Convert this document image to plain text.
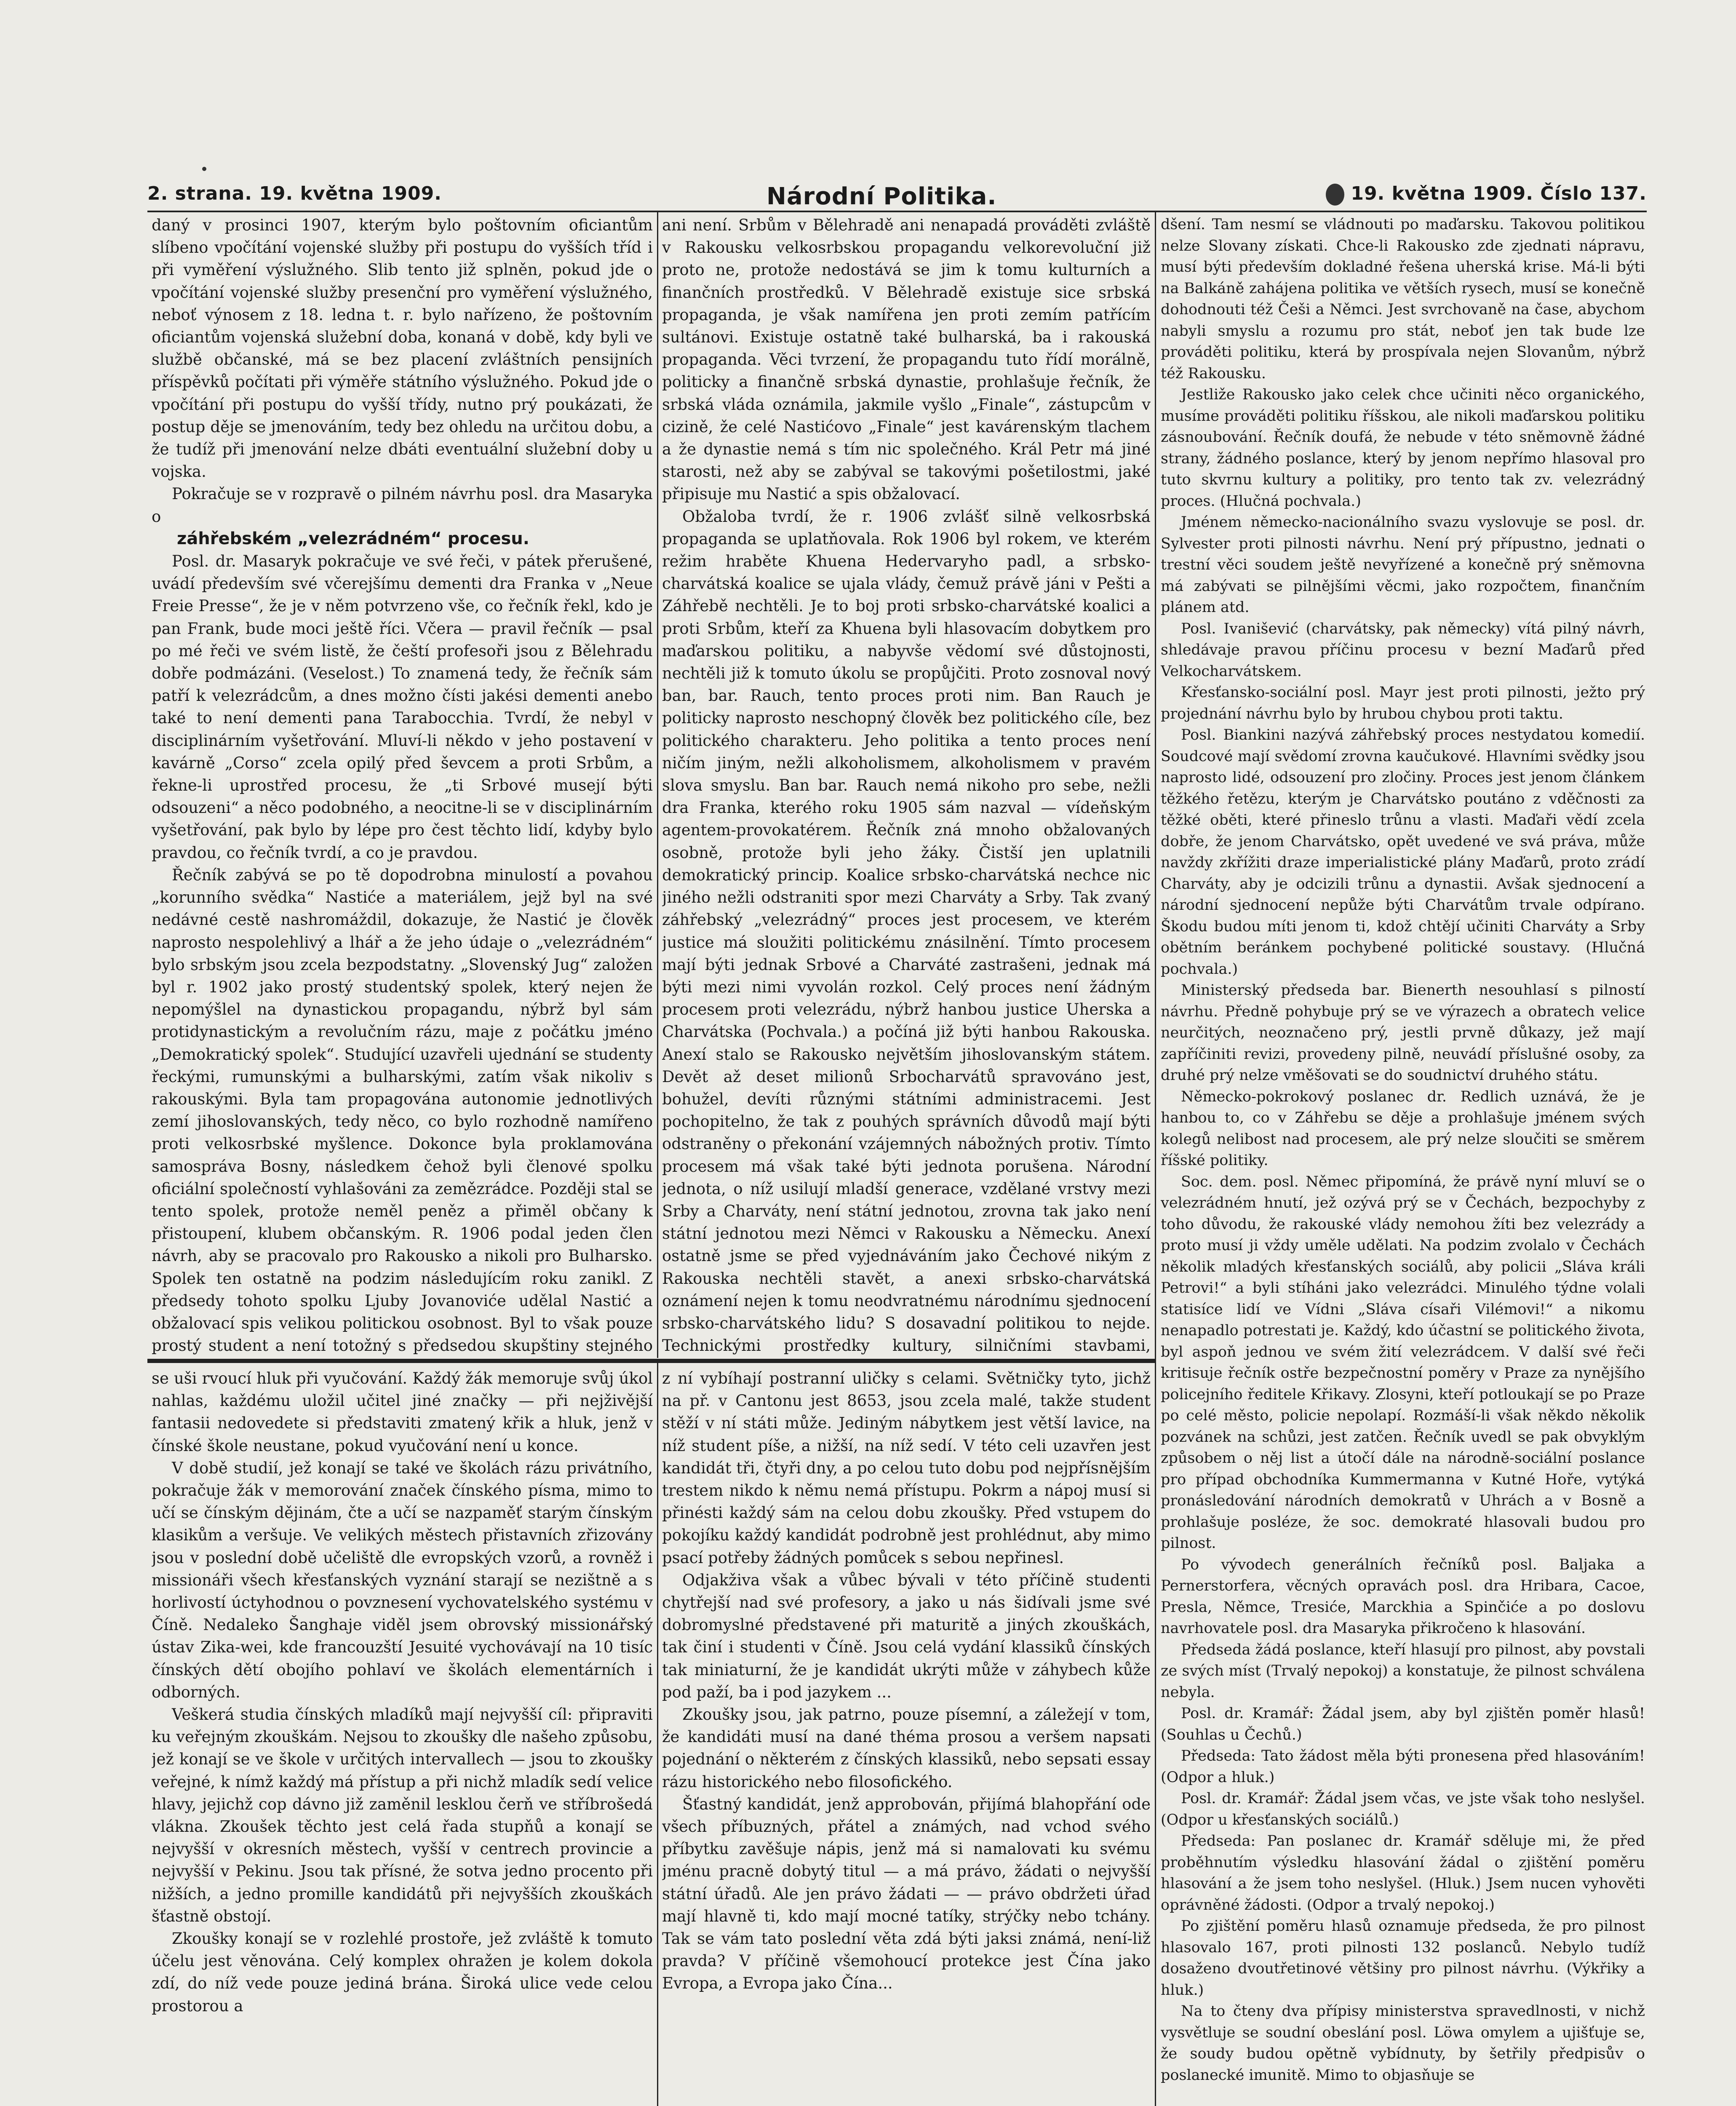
2. strana. 19. května 1909.	Národní Politika.	19. května 1909. Číslo 137.

daný v prosinci 1907, kterým bylo poštovním oficiantům slíbeno vpočítání vojenské služby při postupu do vyšších tříd i při vyměření výslužného. Slib tento již splněn, pokud jde o vpočítání vojenské služby presenční pro vyměření výslužného, neboť výnosem z 18. ledna t. r. bylo nařízeno, že poštovním oficiantům vojenská služební doba, konaná v době, kdy byli ve službě občanské, má se bez placení zvláštních pensijních příspěvků počítati při výměře státního výslužného. Pokud jde o vpočítání při postupu do vyšší třídy, nutno prý poukázati, že postup děje se jmenováním, tedy bez ohledu na určitou dobu, a že tudíž při jmenování nelze dbáti eventuální služební doby u vojska.

Pokračuje se v rozpravě o pilném návrhu posl. dra Masaryka o

záhřebském „velezrádném“ procesu.

Posl. dr. Masaryk pokračuje ve své řeči, v pátek přerušené, uvádí především své včerejšímu dementi dra Franka v „Neue Freie Presse“, že je v něm potvrzeno vše, co řečník řekl, kdo je pan Frank, bude moci ještě říci. Včera — pravil řečník — psal po mé řeči ve svém listě, že čeští profesoři jsou z Bělehradu dobře podmázáni. (Veselost.) To znamená tedy, že řečník sám patří k velezrádcům, a dnes možno čísti jakési dementi anebo také to není dementi pana Tarabocchia. Tvrdí, že nebyl v disciplinárním vyšetřování. Mluví-li někdo v jeho postavení v kavárně „Corso“ zcela opilý před ševcem a proti Srbům, a řekne-li uprostřed procesu, že „ti Srbové musejí býti odsouzeni“ a něco podobného, a neocitne-li se v disciplinárním vyšetřování, pak bylo by lépe pro čest těchto lidí, kdyby bylo pravdou, co řečník tvrdí, a co je pravdou.

Řečník zabývá se po tě dopodrobna minulostí a povahou „korunního svědka“ Nastiće a materiálem, jejž byl na své nedávné cestě nashromáždil, dokazuje, že Nastić je člověk naprosto nespolehlivý a lhář a že jeho údaje o „velezrádném“ bylo srbským jsou zcela bezpodstatny. „Slovenský Jug“ založen byl r. 1902 jako prostý studentský spolek, který nejen že nepomýšlel na dynastickou propagandu, nýbrž byl sám protidynastickým a revolučním rázu, maje z počátku jméno „Demokratický spolek“. Studující uzavřeli ujednání se studenty řeckými, rumunskými a bulharskými, zatím však nikoliv s rakouskými. Byla tam propagována autonomie jednotlivých zemí jihoslovanských, tedy něco, co bylo rozhodně namířeno proti velkosrbské myšlence. Dokonce byla proklamována samospráva Bosny, následkem čehož byli členové spolku oficiální společností vyhlašováni za zemězrádce. Později stal se tento spolek, protože neměl peněz a přiměl občany k přistoupení, klubem občanským. R. 1906 podal jeden člen návrh, aby se pracovalo pro Rakousko a nikoli pro Bulharsko. Spolek ten ostatně na podzim následujícím roku zanikl. Z předsedy tohoto spolku Ljuby Jovanoviće udělal Nastić a obžalovací spis velikou politickou osobnost. Byl to však pouze prostý student a není totožný s předsedou skupštiny stejného

ani není. Srbům v Bělehradě ani nenapadá prováděti zvláště v Rakousku velkosrbskou propagandu velkorevoluční již proto ne, protože nedostává se jim k tomu kulturních a finančních prostředků. V Bělehradě existuje sice srbská propaganda, je však namířena jen proti zemím patřícím sultánovi. Existuje ostatně také bulharská, ba i rakouská propaganda. Věci tvrzení, že propagandu tuto řídí morálně, politicky a finančně srbská dynastie, prohlašuje řečník, že srbská vláda oznámila, jakmile vyšlo „Finale“, zástupcům v cizině, že celé Nastićovo „Finale“ jest kavárenským tlachem a že dynastie nemá s tím nic společného. Král Petr má jiné starosti, než aby se zabýval se takovými pošetilostmi, jaké připisuje mu Nastić a spis obžalovací.

Obžaloba tvrdí, že r. 1906 zvlášť silně velkosrbská propaganda se uplatňovala. Rok 1906 byl rokem, ve kterém režim hraběte Khuena Hedervaryho padl, a srbsko-charvátská koalice se ujala vlády, čemuž právě jáni v Pešti a Záhřebě nechtěli. Je to boj proti srbsko-charvátské koalici a proti Srbům, kteří za Khuena byli hlasovacím dobytkem pro maďarskou politiku, a nabyvše vědomí své důstojnosti, nechtěli již k tomuto úkolu se propůjčiti. Proto zosnoval nový ban, bar. Rauch, tento proces proti nim. Ban Rauch je politicky naprosto neschopný člověk bez politického cíle, bez politického charakteru. Jeho politika a tento proces není ničím jiným, nežli alkoholismem, alkoholismem v pravém slova smyslu. Ban bar. Rauch nemá nikoho pro sebe, nežli dra Franka, kterého roku 1905 sám nazval — vídeňským agentem-provokatérem. Řečník zná mnoho obžalovaných osobně, protože byli jeho žáky. Čistší jen uplatnili demokratický princip. Koalice srbsko-charvátská nechce nic jiného nežli odstraniti spor mezi Charváty a Srby. Tak zvaný záhřebský „velezrádný“ proces jest procesem, ve kterém justice má sloužiti politickému znásilnění. Tímto procesem mají býti jednak Srbové a Charváté zastrašeni, jednak má býti mezi nimi vyvolán rozkol. Celý proces není žádným procesem proti velezrádu, nýbrž hanbou justice Uherska a Charvátska (Pochvala.) a počíná již býti hanbou Rakouska. Anexí stalo se Rakousko největším jihoslovanským státem. Devět až deset milionů Srbocharvátů spravováno jest, bohužel, devíti různými státními administracemi. Jest pochopitelno, že tak z pouhých správních důvodů mají býti odstraněny o překonání vzájemných nábožných protiv. Tímto procesem má však také býti jednota porušena. Národní jednota, o níž usilují mladší generace, vzdělané vrstvy mezi Srby a Charváty, není státní jednotou, zrovna tak jako není státní jednotou mezi Němci v Rakousku a Německu. Anexí ostatně jsme se před vyjednáváním jako Čechové nikým z Rakouska nechtěli stavět, a anexi srbsko-charvátská oznámení nejen k tomu neodvratnému národnímu sjednocení srbsko-charvátského lidu? S dosavadní politikou to nejde. Technickými prostředky kultury, silničními stavbami,

dšení. Tam nesmí se vládnouti po maďarsku. Takovou politikou nelze Slovany získati. Chce-li Rakousko zde zjednati nápravu, musí býti především dokladné řešena uherská krise. Má-li býti na Balkáně zahájena politika ve větších rysech, musí se konečně dohodnouti též Češi a Němci. Jest svrchovaně na čase, abychom nabyli smyslu a rozumu pro stát, neboť jen tak bude lze prováděti politiku, která by prospívala nejen Slovanům, nýbrž též Rakousku.

Jestliže Rakousko jako celek chce učiniti něco organického, musíme prováděti politiku říšskou, ale nikoli maďarskou politiku zásnoubování. Řečník doufá, že nebude v této sněmovně žádné strany, žádného poslance, který by jenom nepřímo hlasoval pro tuto skvrnu kultury a politiky, pro tento tak zv. velezrádný proces. (Hlučná pochvala.)

Jménem německo-nacionálního svazu vyslovuje se posl. dr. Sylvester proti pilnosti návrhu. Není prý přípustno, jednati o trestní věci soudem ještě nevyřízené a konečně prý sněmovna má zabývati se pilnějšími věcmi, jako rozpočtem, finančním plánem atd.

Posl. Ivanišević (charvátsky, pak německy) vítá pilný návrh, shledávaje pravou příčinu procesu v bezní Maďarů před Velkocharvátskem.

Křesťansko-sociální posl. Mayr jest proti pilnosti, ježto prý projednání návrhu bylo by hrubou chybou proti taktu.

Posl. Biankini nazývá záhřebský proces nestydatou komedií. Soudcové mají svědomí zrovna kaučukové. Hlavními svědky jsou naprosto lidé, odsouzení pro zločiny. Proces jest jenom článkem těžkého řetězu, kterým je Charvátsko poutáno z vděčnosti za těžké oběti, které přineslo trůnu a vlasti. Maďaři vědí zcela dobře, že jenom Charvátsko, opět uvedené ve svá práva, může navždy zkřížiti draze imperialistické plány Maďarů, proto zrádí Charváty, aby je odcizili trůnu a dynastii. Avšak sjednocení a národní sjednocení nepůže býti Charvátům trvale odpírano. Škodu budou míti jenom ti, kdož chtějí učiniti Charváty a Srby obětním beránkem pochybené politické soustavy. (Hlučná pochvala.)

Ministerský předseda bar. Bienerth nesouhlasí s pilností návrhu. Předně pohybuje prý se ve výrazech a obratech velice neurčitých, neoznačeno prý, jestli prvně důkazy, jež mají zapříčiniti revizi, provedeny pilně, neuvádí příslušné osoby, za druhé prý nelze vměšovati se do soudnictví druhého státu.

Německo-pokrokový poslanec dr. Redlich uznává, že je hanbou to, co v Záhřebu se děje a prohlašuje jménem svých kolegů nelibost nad procesem, ale prý nelze sloučiti se směrem říšské politiky.

Soc. dem. posl. Němec připomíná, že právě nyní mluví se o velezrádném hnutí, jež ozývá prý se v Čechách, bezpochyby z toho důvodu, že rakouské vlády nemohou žíti bez velezrády a proto musí ji vždy uměle udělati. Na podzim zvolalo v Čechách několik mladých křesťanských sociálů, aby policii „Sláva králi Petrovi!“ a byli stíháni jako velezrádci. Minulého týdne volali statisíce lidí ve Vídni „Sláva císaři Vilémovi!“ a nikomu nenapadlo potrestati je. Každý, kdo účastní se politického života, byl aspoň jednou ve svém žití velezrádcem. V další své řeči kritisuje řečník ostře bezpečnostní poměry v Praze za nynějšího policejního ředitele Křikavy. Zlosyni, kteří potloukají se po Praze po celé město, policie nepolapí. Rozmáší-li však někdo několik pozvánek na schůzi, jest zatčen. Řečník uvedl se pak obvyklým způsobem o něj list a útočí dále na národně-sociální poslance pro případ obchodníka Kummermanna v Kutné Hoře, vytýká pronásledování národních demokratů v Uhrách a v Bosně a prohlašuje posléze, že soc. demokraté hlasovali budou pro pilnost.

Po vývodech generálních řečníků posl. Baljaka a Pernerstorfera, věcných opravách posl. dra Hribara, Cacoe, Presla, Němce, Tresiće, Marckhia a Spinčiće a po doslovu navrhovatele posl. dra Masaryka přikročeno k hlasování.

Předseda žádá poslance, kteří hlasují pro pilnost, aby povstali ze svých míst (Trvalý nepokoj) a konstatuje, že pilnost schválena nebyla.

Posl. dr. Kramář: Žádal jsem, aby byl zjištěn poměr hlasů! (Souhlas u Čechů.)

Předseda: Tato žádost měla býti pronesena před hlasováním! (Odpor a hluk.)

Posl. dr. Kramář: Žádal jsem včas, ve jste však toho neslyšel. (Odpor u křesťanských sociálů.)

Předseda: Pan poslanec dr. Kramář sděluje mi, že před proběhnutím výsledku hlasování žádal o zjištění poměru hlasování a že jsem toho neslyšel. (Hluk.) Jsem nucen vyhověti oprávněné žádosti. (Odpor a trvalý nepokoj.)

Po zjištění poměru hlasů oznamuje předseda, že pro pilnost hlasovalo 167, proti pilnosti 132 poslanců. Nebylo tudíž dosaženo dvoutřetinové většiny pro pilnost návrhu. (Výkřiky a hluk.)

Na to čteny dva přípisy ministerstva spravedlnosti, v nichž vysvětluje se soudní obeslání posl. Löwa omylem a ujišťuje se, že soudy budou opětně vybídnuty, by šetřily předpisův o poslanecké imunitě. Mimo to objasňuje se

se uši rvoucí hluk při vyučování. Každý žák memoruje svůj úkol nahlas, každému uložil učitel jiné značky — při nejživější fantasii nedovedete si představiti zmatený křik a hluk, jenž v čínské škole neustane, pokud vyučování není u konce.

V době studií, jež konají se také ve školách rázu privátního, pokračuje žák v memorování značek čínského písma, mimo to učí se čínským dějinám, čte a učí se nazpaměť starým čínským klasikům a veršuje. Ve velikých městech přistavních zřizovány jsou v poslední době učeliště dle evropských vzorů, a rovněž i missionáři všech křesťanských vyznání starají se nezištně a s horlivostí úctyhodnou o povznesení vychovatelského systému v Číně. Nedaleko Šanghaje viděl jsem obrovský missionářský ústav Zika-wei, kde francouzští Jesuité vychovávají na 10 tisíc čínských dětí obojího pohlaví ve školách elementárních i odborných.

Veškerá studia čínských mladíků mají nejvyšší cíl: připraviti ku veřejným zkouškám. Nejsou to zkoušky dle našeho způsobu, jež konají se ve škole v určitých intervallech — jsou to zkoušky veřejné, k nímž každý má přístup a při nichž mladík sedí velice hlavy, jejichž cop dávno již zaměnil lesklou čerň ve stříbrošedá vlákna. Zkoušek těchto jest celá řada stupňů a konají se nejvyšší v okresních městech, vyšší v centrech provincie a nejvyšší v Pekinu. Jsou tak přísné, že sotva jedno procento při nižších, a jedno promille kandidátů při nejvyšších zkouškách šťastně obstojí.

Zkoušky konají se v rozlehlé prostoře, jež zvláště k tomuto účelu jest věnována. Celý komplex ohražen je kolem dokola zdí, do níž vede pouze jediná brána. Široká ulice vede celou prostorou a

z ní vybíhají postranní uličky s celami. Světničky tyto, jichž na př. v Cantonu jest 8653, jsou zcela malé, takže student stěží v ní státi může. Jediným nábytkem jest větší lavice, na níž student píše, a nižší, na níž sedí. V této celi uzavřen jest kandidát tři, čtyři dny, a po celou tuto dobu pod nejpřísnějším trestem nikdo k němu nemá přístupu. Pokrm a nápoj musí si přinésti každý sám na celou dobu zkoušky. Před vstupem do pokojíku každý kandidát podrobně jest prohlédnut, aby mimo psací potřeby žádných pomůcek s sebou nepřinesl.

Odjakživa však a vůbec bývali v této příčině studenti chytřejší nad své profesory, a jako u nás šidívali jsme své dobromyslné představené při maturitě a jiných zkouškách, tak činí i studenti v Číně. Jsou celá vydání klassiků čínských tak miniaturní, že je kandidát ukrýti může v záhybech kůže pod paží, ba i pod jazykem ...

Zkoušky jsou, jak patrno, pouze písemní, a záležejí v tom, že kandidáti musí na dané théma prosou a veršem napsati pojednání o některém z čínských klassiků, nebo sepsati essay rázu historického nebo filosofického.

Šťastný kandidát, jenž approbován, přijímá blahopřání ode všech příbuzných, přátel a známých, nad vchod svého příbytku zavěšuje nápis, jenž má si namalovati ku svému jménu pracně dobytý titul — a má právo, žádati o nejvyšší státní úřadů. Ale jen právo žádati — — právo obdržeti úřad mají hlavně ti, kdo mají mocné tatíky, strýčky nebo tchány. Tak se vám tato poslední věta zdá býti jaksi známá, není-liž pravda? V příčině všemohoucí protekce jest Čína jako Evropa, a Evropa jako Čína...
